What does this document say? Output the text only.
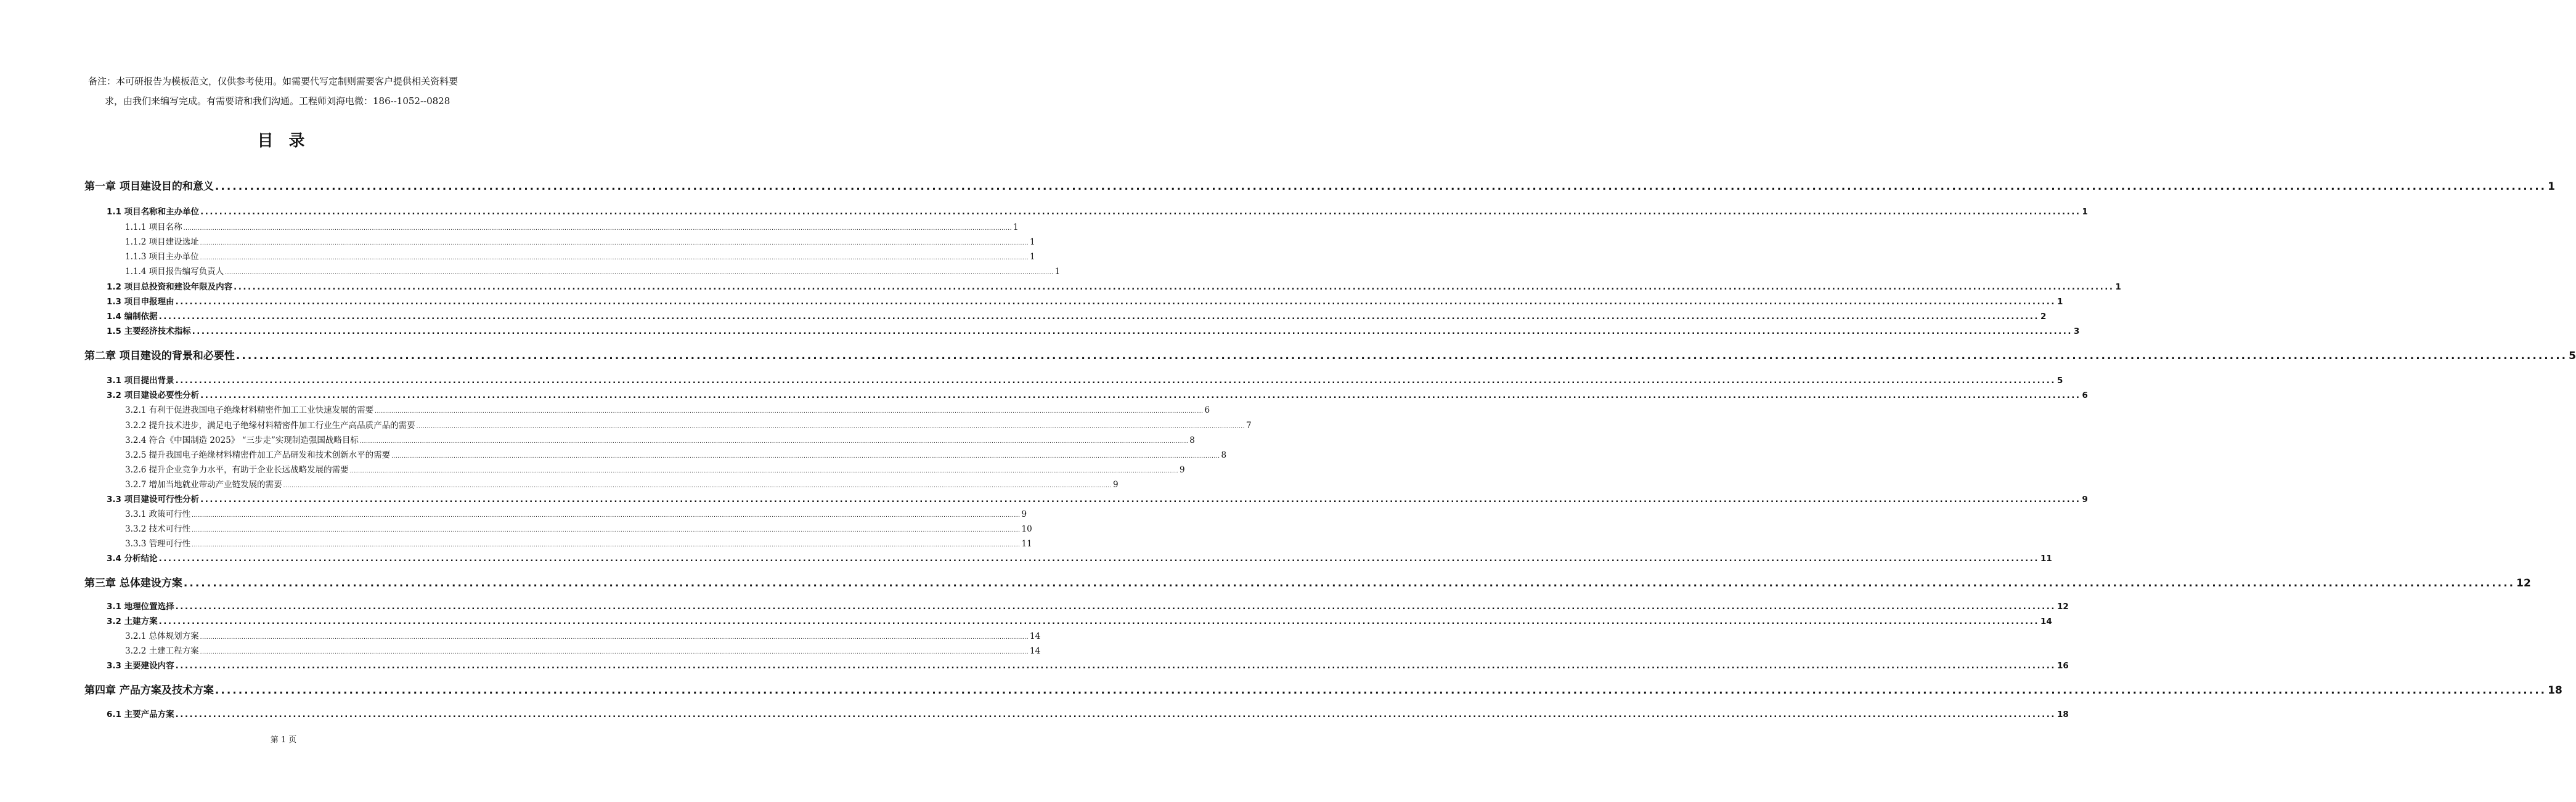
备注：本可研报告为模板范文，仅供参考使用。如需要代写定制则需要客户提供相关资料要
求，由我们来编写完成。有需要请和我们沟通。工程师刘海电微：186--1052--0828
目 录
第一章 项目建设目的和意义 ................................................................................................................................................................................................................................................................................................................................................................................................................ 1
1.1 项目名称和主办单位 ................................................................................................................................................................................................................................................................................................................................................................................................................ 1
1.1.1 项目名称 ................................................................................................................................................................................................................................................................................................................................................................................................................ 1
1.1.2 项目建设选址 ................................................................................................................................................................................................................................................................................................................................................................................................................ 1
1.1.3 项目主办单位 ................................................................................................................................................................................................................................................................................................................................................................................................................ 1
1.1.4 项目报告编写负责人 ................................................................................................................................................................................................................................................................................................................................................................................................................ 1
1.2 项目总投资和建设年限及内容 ................................................................................................................................................................................................................................................................................................................................................................................................................ 1
1.3 项目申报理由 ................................................................................................................................................................................................................................................................................................................................................................................................................ 1
1.4 编制依据 ................................................................................................................................................................................................................................................................................................................................................................................................................ 2
1.5 主要经济技术指标 ................................................................................................................................................................................................................................................................................................................................................................................................................ 3
第二章 项目建设的背景和必要性 ................................................................................................................................................................................................................................................................................................................................................................................................................ 5
3.1 项目提出背景 ................................................................................................................................................................................................................................................................................................................................................................................................................ 5
3.2 项目建设必要性分析 ................................................................................................................................................................................................................................................................................................................................................................................................................ 6
3.2.1 有利于促进我国电子绝缘材料精密件加工工业快速发展的需要 ................................................................................................................................................................................................................................................................................................................................................................................................................ 6
3.2.2 提升技术进步，满足电子绝缘材料精密件加工行业生产高品质产品的需要 ................................................................................................................................................................................................................................................................................................................................................................................................................ 7
3.2.4 符合《中国制造 2025》 “三步走”实现制造强国战略目标 ................................................................................................................................................................................................................................................................................................................................................................................................................ 8
3.2.5 提升我国电子绝缘材料精密件加工产品研发和技术创新水平的需要 ................................................................................................................................................................................................................................................................................................................................................................................................................ 8
3.2.6 提升企业竞争力水平，有助于企业长远战略发展的需要 ................................................................................................................................................................................................................................................................................................................................................................................................................ 9
3.2.7 增加当地就业带动产业链发展的需要 ................................................................................................................................................................................................................................................................................................................................................................................................................ 9
3.3 项目建设可行性分析 ................................................................................................................................................................................................................................................................................................................................................................................................................ 9
3.3.1 政策可行性 ................................................................................................................................................................................................................................................................................................................................................................................................................ 9
3.3.2 技术可行性 ................................................................................................................................................................................................................................................................................................................................................................................................................ 10
3.3.3 管理可行性 ................................................................................................................................................................................................................................................................................................................................................................................................................ 11
3.4 分析结论 ................................................................................................................................................................................................................................................................................................................................................................................................................ 11
第三章 总体建设方案 ................................................................................................................................................................................................................................................................................................................................................................................................................ 12
3.1 地理位置选择 ................................................................................................................................................................................................................................................................................................................................................................................................................ 12
3.2 土建方案 ................................................................................................................................................................................................................................................................................................................................................................................................................ 14
3.2.1 总体规划方案 ................................................................................................................................................................................................................................................................................................................................................................................................................ 14
3.2.2 土建工程方案 ................................................................................................................................................................................................................................................................................................................................................................................................................ 14
3.3 主要建设内容 ................................................................................................................................................................................................................................................................................................................................................................................................................ 16
第四章 产品方案及技术方案 ................................................................................................................................................................................................................................................................................................................................................................................................................ 18
6.1 主要产品方案 ................................................................................................................................................................................................................................................................................................................................................................................................................ 18
第 1 页
